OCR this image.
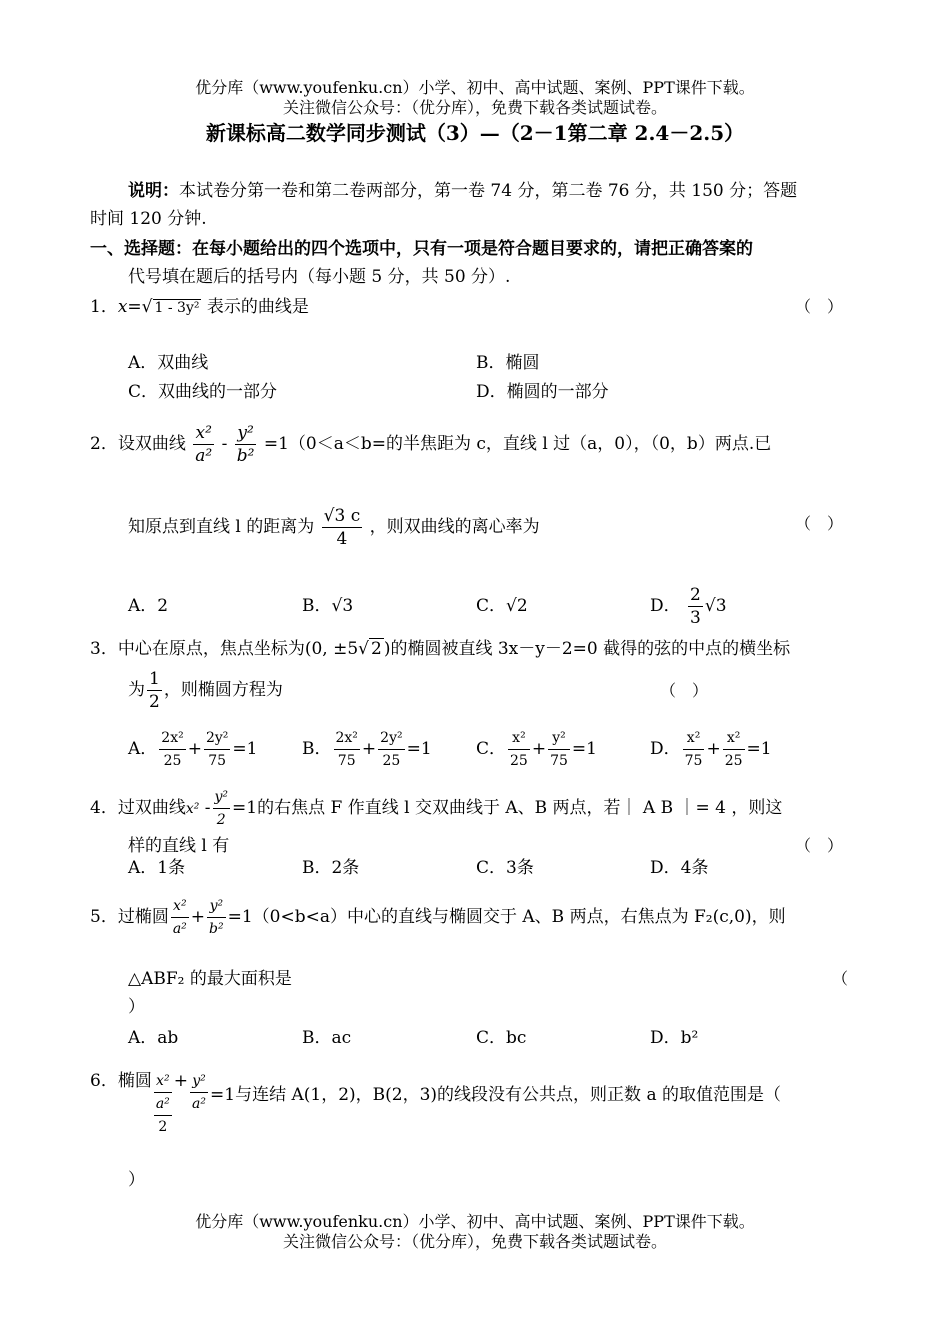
优分库（www.youfenku.cn）小学、初中、高中试题、案例、PPT课件下载。
关注微信公众号：（优分库），免费下载各类试题试卷。
新课标高二数学同步测试（3）—（2－1第二章 2.4－2.5）
说明：本试卷分第一卷和第二卷两部分，第一卷 74 分，第二卷 76 分，共 150 分；答题
时间 120 分钟.
一、选择题：在每小题给出的四个选项中，只有一项是符合题目要求的，请把正确答案的
代号填在题后的括号内（每小题 5 分，共 50 分）.
1．x=√ 1 - 3y² 表示的曲线是	（　）
A．双曲线	B．椭圆
C．双曲线的一部分	D．椭圆的一部分
2．设双曲线 $\frac{\text{x²}}{\text{a²}} - \frac{\text{y²}}{\text{b²}} =1(0<a<b=$的半焦距为 c，直线 l 过（a，0），（0，b）两点.已
知原点到直线 l 的距离为 $\frac{√3 c}{4}$ ，则双曲线的离心率为	（　）
A．2	B．√3	C．√2	D． $\frac{2}{3} √3$
3．中心在原点，焦点坐标为(0, ±5√ 2 )的椭圆被直线 3x－y－2=0 截得的弦的中点的横坐标
为 $\frac{1}{2}$ ，则椭圆方程为	（　）
A． $\frac{\text{2x²}}{25} + \frac{\text{2y²}}{75} =1$	B． $\frac{\text{2x²}}{75} + \frac{\text{2y²}}{25} =1$	C． $\frac{\text{x²}}{25} + \frac{\text{y²}}{75} =1$	D． $\frac{\text{x²}}{75} + \frac{\text{x²}}{25} =1$
4．过双曲线$x^2 - \frac{\text{y²}}{2} =1$的右焦点 F 作直线 l 交双曲线于 A、B 两点，若｜ A B ｜= 4 ，则这
样的直线 l 有	（　）
A．1条	B．2条	C．3条	D．4条
5．过椭圆 $\frac{\text{x²}}{\text{a²}} + \frac{\text{y²}}{\text{b²}} =1(0<b<a)$中心的直线与椭圆交于 A、B 两点，右焦点为 F₂(c,0)，则
△ABF₂ 的最大面积是	（
）
A．ab	B．ac	C．bc	D．b²
6．椭圆 x²
a²
2
+ $\frac{\text{y²}}{\text{a²}} =1$与连结 A(1，2)，B(2，3)的线段没有公共点，则正数 a 的取值范围是（
）
优分库（www.youfenku.cn）小学、初中、高中试题、案例、PPT课件下载。
关注微信公众号：（优分库），免费下载各类试题试卷。
